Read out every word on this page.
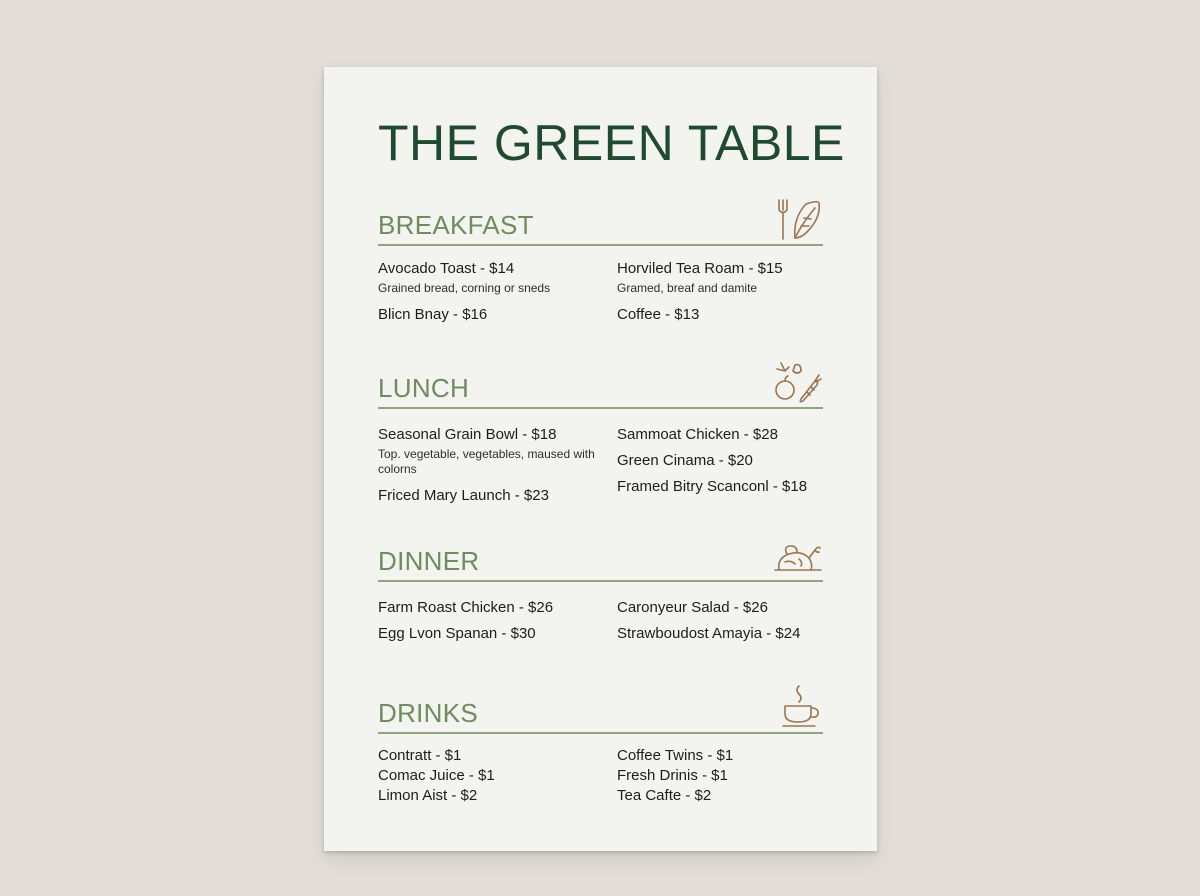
THE GREEN TABLE
BREAKFAST
Avocado Toast - $14
Grained bread, corning or sneds
Blicn Bnay - $16
Horviled Tea Roam - $15
Gramed, breaf and damite
Coffee - $13
LUNCH
Seasonal Grain Bowl - $18
Top. vegetable, vegetables, maused with colorns
Friced Mary Launch - $23
Sammoat Chicken - $28
Green Cinama - $20
Framed Bitry Scanconl - $18
DINNER
Farm Roast Chicken - $26
Egg Lvon Spanan - $30
Caronyeur Salad - $26
Strawboudost Amayia - $24
DRINKS
Contratt - $1
Comac Juice - $1
Limon Aist - $2
Coffee Twins - $1
Fresh Drinis - $1
Tea Cafte - $2
